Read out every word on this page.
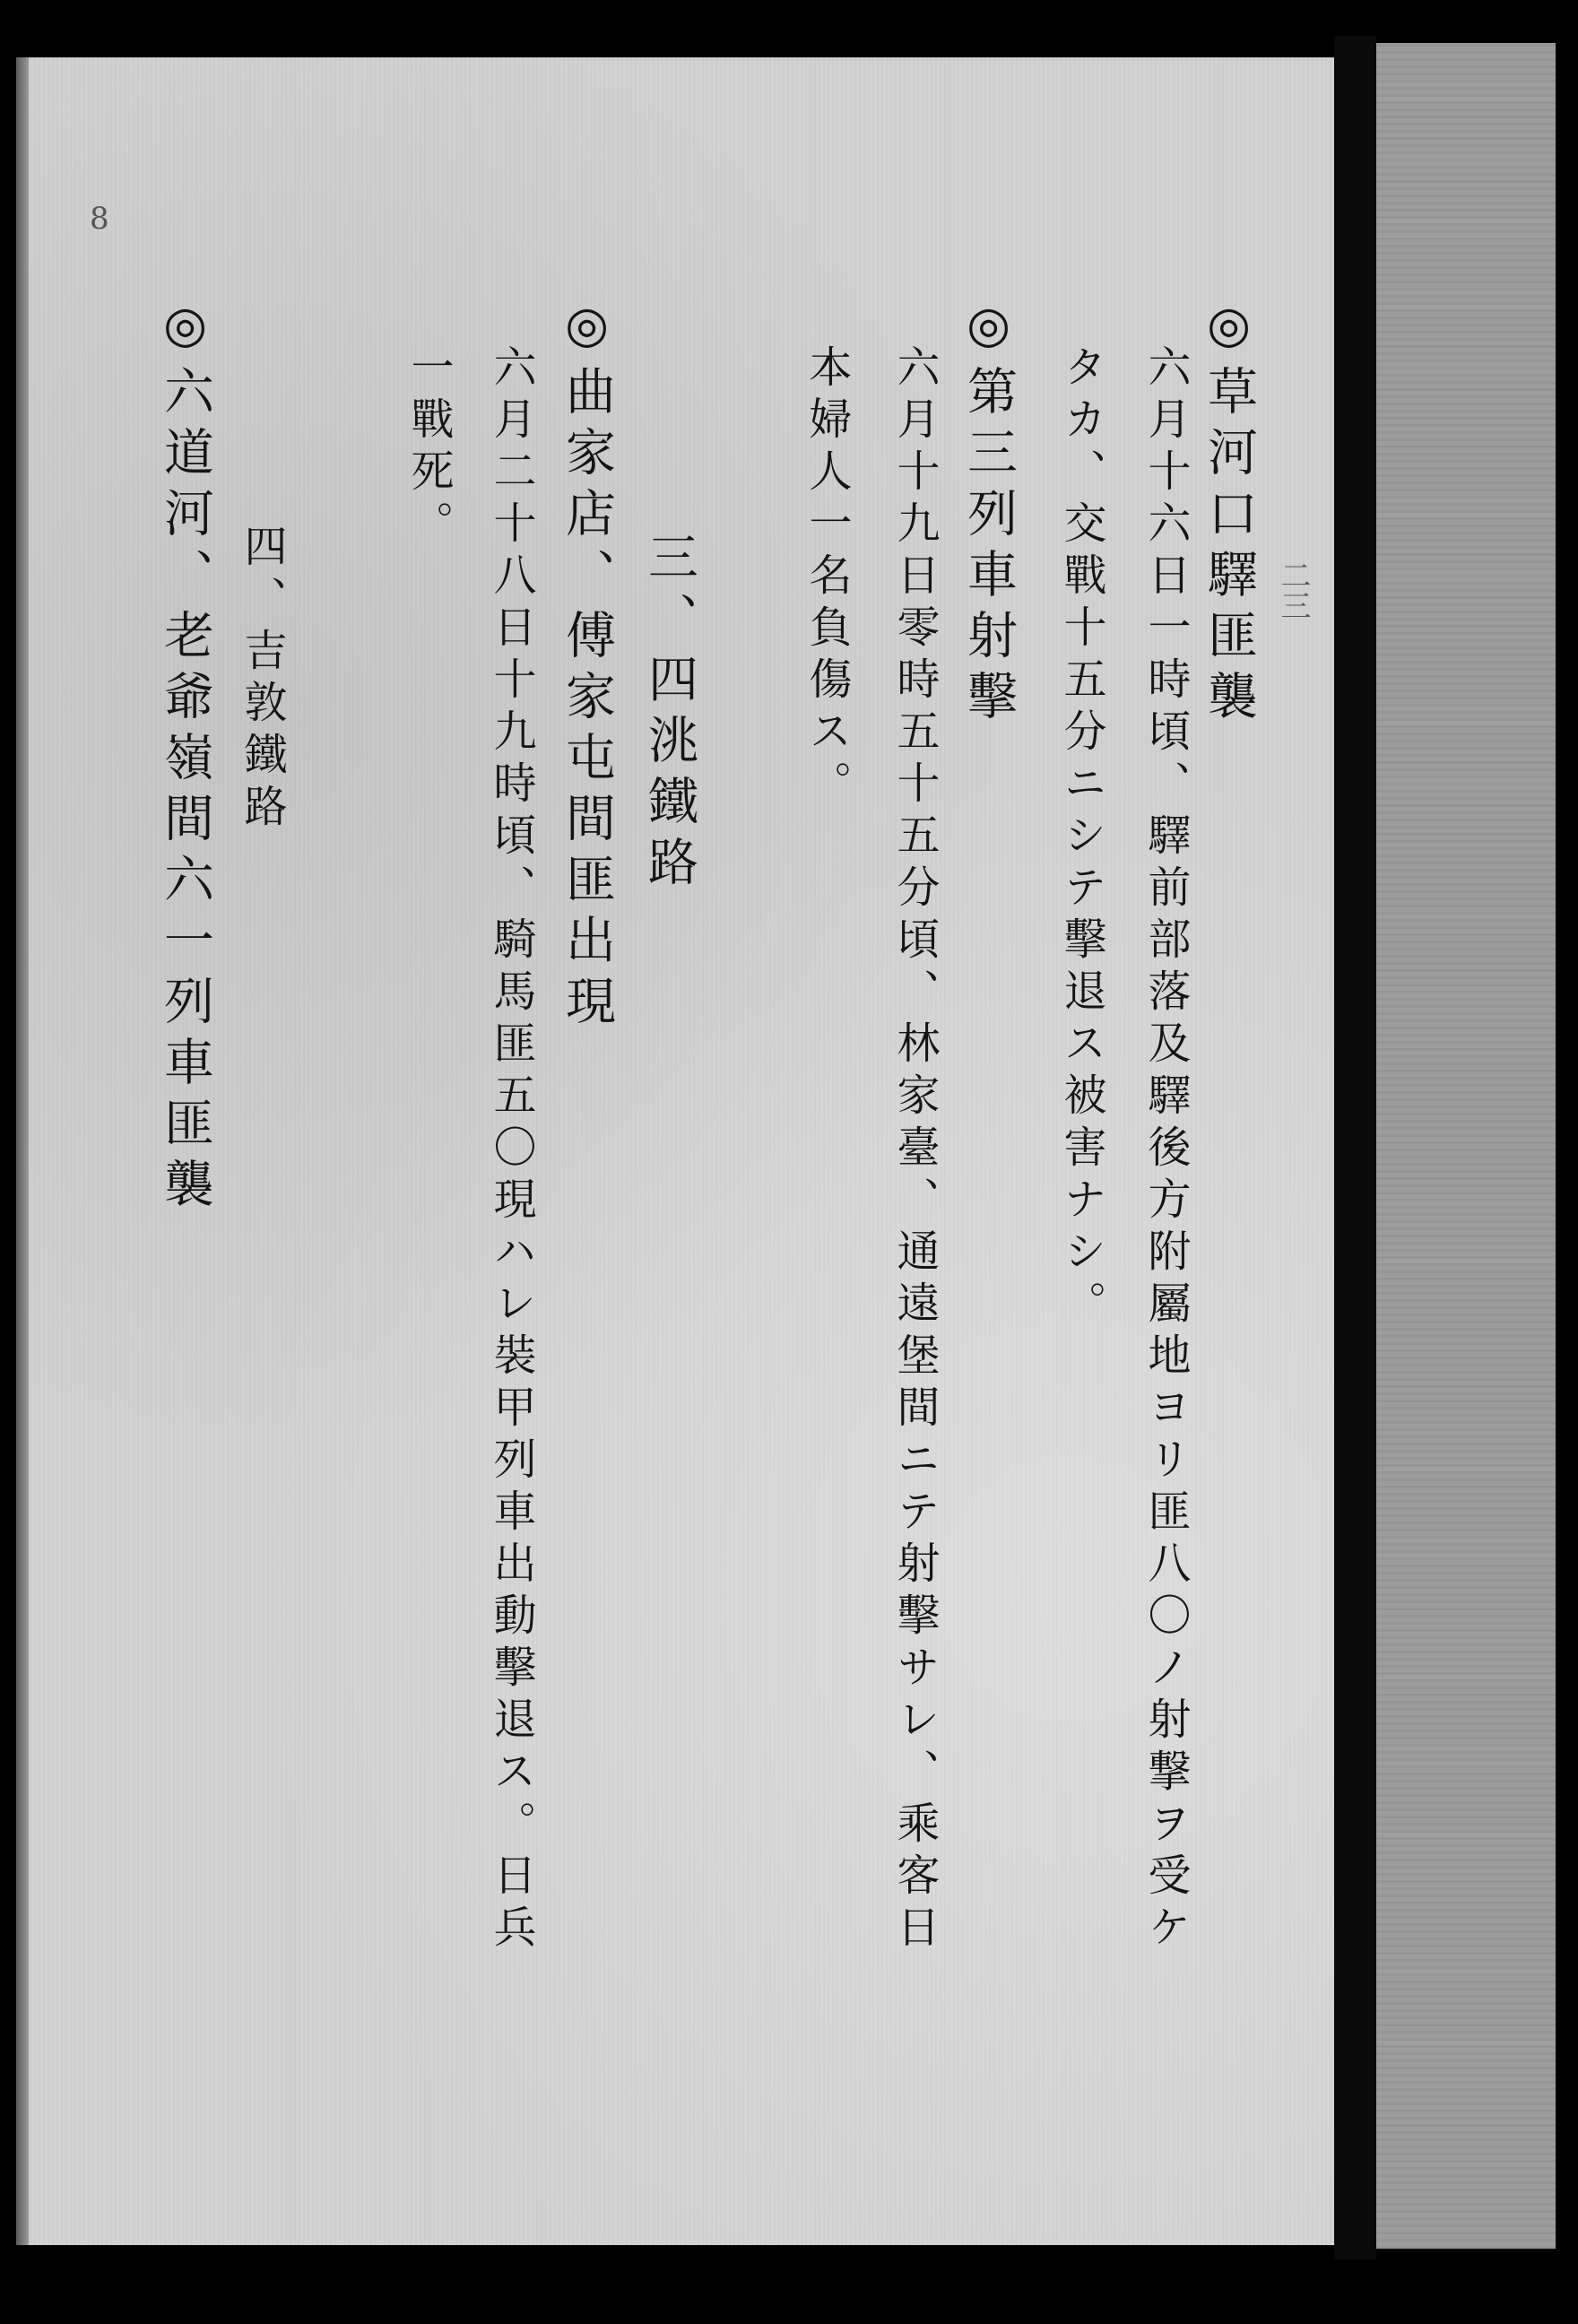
8
二三
◎草河口驛匪襲
六月十六日一時頃、驛前部落及驛後方附屬地ヨリ匪八〇ノ射撃ヲ受ケ
タカ、交戰十五分ニシテ擊退ス被害ナシ。
◎第三列車射擊
六月十九日零時五十五分頃、林家臺、通遠堡間ニテ射擊サレ、乘客日
本婦人一名負傷ス。
三、四洮鐵路
◎曲家店、傅家屯間匪出現
六月二十八日十九時頃、騎馬匪五〇現ハレ裝甲列車出動擊退ス。日兵
一戰死。
四、吉敦鐵路
◎六道河、老爺嶺間六一列車匪襲
